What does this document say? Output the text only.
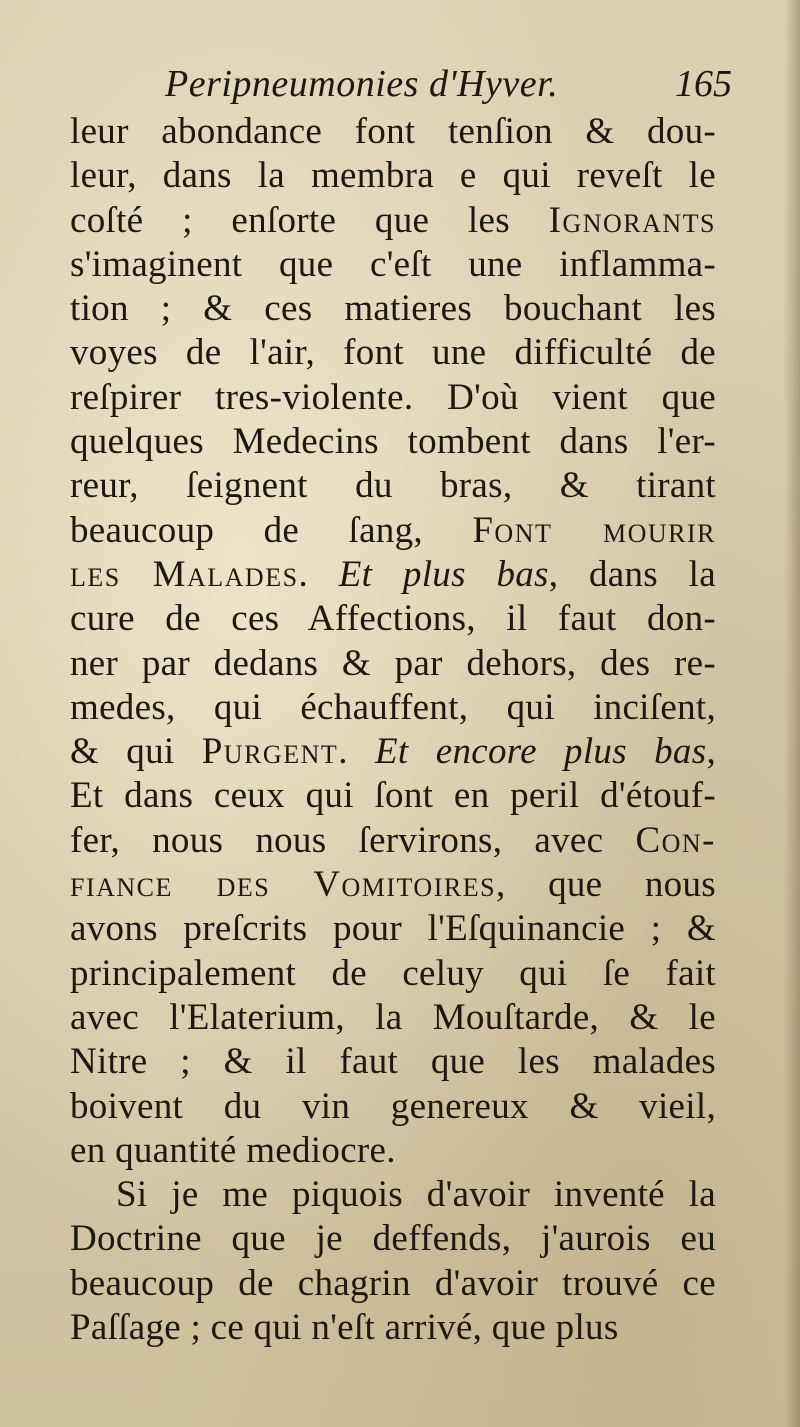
Peripneumonies d'Hyver.	165
leur abondance font tenſion & dou-
leur, dans la membra e qui reveſt le
coſté ; enſorte que les Ignorants
s'imaginent que c'eſt une inflamma-
tion ; & ces matieres bouchant les
voyes de l'air, font une difficulté de
reſpirer tres-violente. D'où vient que
quelques Medecins tombent dans l'er-
reur, ſeignent du bras, & tirant
beaucoup de ſang, Font mourir
les Malades. Et plus bas, dans la
cure de ces Affections, il faut don-
ner par dedans & par dehors, des re-
medes, qui échauffent, qui inciſent,
& qui Purgent. Et encore plus bas,
Et dans ceux qui ſont en peril d'étouf-
fer, nous nous ſervirons, avec Con-
fiance des Vomitoires, que nous
avons preſcrits pour l'Eſquinancie ; &
principalement de celuy qui ſe fait
avec l'Elaterium, la Mouſtarde, & le
Nitre ; & il faut que les malades
boivent du vin genereux & vieil,
en quantité mediocre.
Si je me piquois d'avoir inventé la
Doctrine que je deffends, j'aurois eu
beaucoup de chagrin d'avoir trouvé ce
Paſſage ; ce qui n'eſt arrivé, que plus
